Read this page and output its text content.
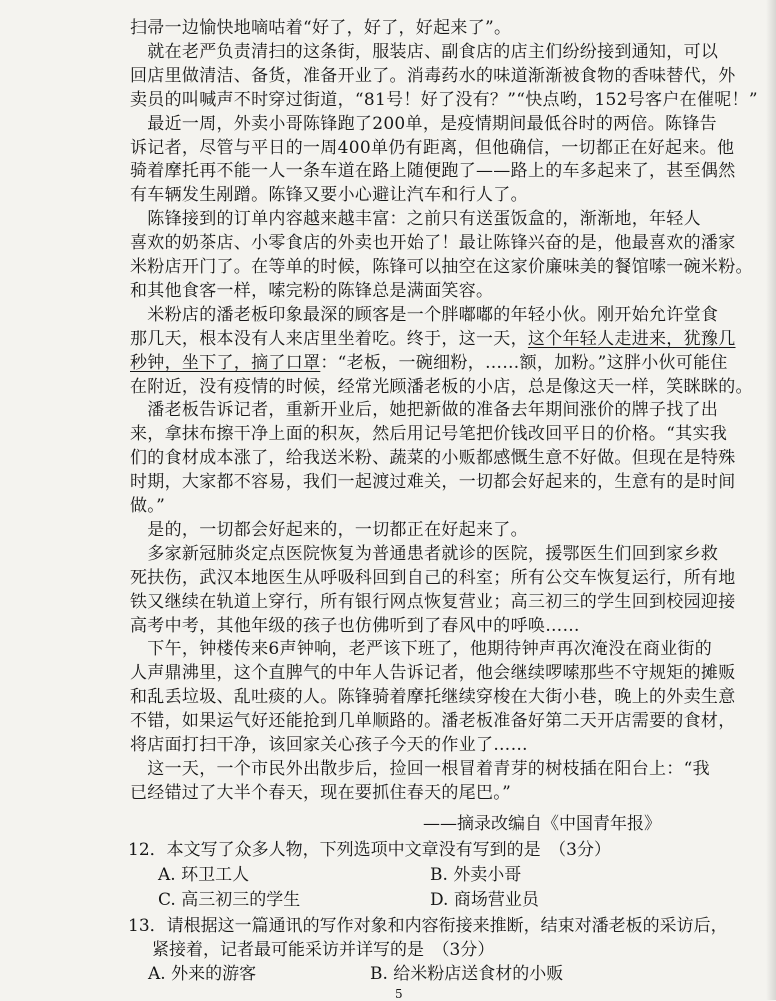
扫帚一边愉快地嘀咕着“好了，好了，好起来了”。
　就在老严负责清扫的这条街，服装店、副食店的店主们纷纷接到通知，可以
回店里做清洁、备货，准备开业了。消毒药水的味道渐渐被食物的香味替代，外
卖员的叫喊声不时穿过街道，“81号！好了没有？”“快点哟，152号客户在催呢！”
　最近一周，外卖小哥陈锋跑了200单，是疫情期间最低谷时的两倍。陈锋告
诉记者，尽管与平日的一周400单仍有距离，但他确信，一切都正在好起来。他
骑着摩托再不能一人一条车道在路上随便跑了——路上的车多起来了，甚至偶然
有车辆发生剐蹭。陈锋又要小心避让汽车和行人了。
　陈锋接到的订单内容越来越丰富：之前只有送蛋饭盒的，渐渐地，年轻人
喜欢的奶茶店、小零食店的外卖也开始了！最让陈锋兴奋的是，他最喜欢的潘家
米粉店开门了。在等单的时候，陈锋可以抽空在这家价廉味美的餐馆嗦一碗米粉。
和其他食客一样，嗦完粉的陈锋总是满面笑容。
　米粉店的潘老板印象最深的顾客是一个胖嘟嘟的年轻小伙。刚开始允许堂食
那几天，根本没有人来店里坐着吃。终于，这一天，这个年轻人走进来，犹豫几
秒钟，坐下了，摘了口罩：“老板，一碗细粉，……额，加粉。”这胖小伙可能住
在附近，没有疫情的时候，经常光顾潘老板的小店，总是像这天一样，笑眯眯的。
　潘老板告诉记者，重新开业后，她把新做的准备去年期间涨价的牌子找了出
来，拿抹布擦干净上面的积灰，然后用记号笔把价钱改回平日的价格。“其实我
们的食材成本涨了，给我送米粉、蔬菜的小贩都感慨生意不好做。但现在是特殊
时期，大家都不容易，我们一起渡过难关，一切都会好起来的，生意有的是时间
做。”
　是的，一切都会好起来的，一切都正在好起来了。
　多家新冠肺炎定点医院恢复为普通患者就诊的医院，援鄂医生们回到家乡救
死扶伤，武汉本地医生从呼吸科回到自己的科室；所有公交车恢复运行，所有地
铁又继续在轨道上穿行，所有银行网点恢复营业；高三初三的学生回到校园迎接
高考中考，其他年级的孩子也仿佛听到了春风中的呼唤……
　下午，钟楼传来6声钟响，老严该下班了，他期待钟声再次淹没在商业街的
人声鼎沸里，这个直脾气的中年人告诉记者，他会继续啰嗦那些不守规矩的摊贩
和乱丢垃圾、乱吐痰的人。陈锋骑着摩托继续穿梭在大街小巷，晚上的外卖生意
不错，如果运气好还能抢到几单顺路的。潘老板准备好第二天开店需要的食材，
将店面打扫干净，该回家关心孩子今天的作业了……
　这一天，一个市民外出散步后，捡回一根冒着青芽的树枝插在阳台上：“我
已经错过了大半个春天，现在要抓住春天的尾巴。”
——摘录改编自《中国青年报》
12．本文写了众多人物，下列选项中文章没有写到的是　（3分）
A. 环卫工人	B. 外卖小哥
5
C. 高三初三的学生	D. 商场营业员
13．请根据这一篇通讯的写作对象和内容衔接来推断，结束对潘老板的采访后，
紧接着，记者最可能采访并详写的是　（3分）
A. 外来的游客	B. 给米粉店送食材的小贩
